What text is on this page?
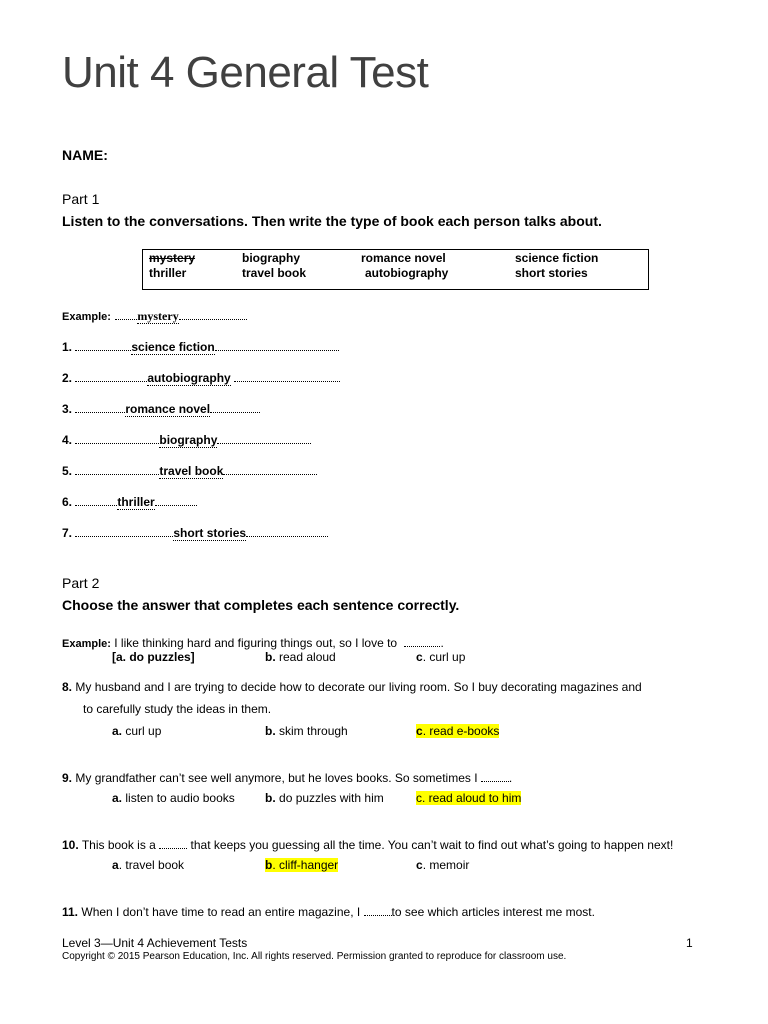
Unit 4 General Test
NAME:
Part 1
Listen to the conversations. Then write the type of book each person talks about.
mystery	biography	romance novel	science fiction
thriller	travel book	autobiography	short stories
Example: mystery
1.	science fiction
2.	autobiography
3.	romance novel
4.	biography
5.	travel book
6.	thriller
7.	short stories
Part 2
Choose the answer that completes each sentence correctly.
Example: I like thinking hard and figuring things out, so I love to	.
[a. do puzzles]	b. read aloud	c. curl up
8. My husband and I are trying to decide how to decorate our living room. So I buy decorating magazines and
to carefully study the ideas in them.
a. curl up	b. skim through	c. read e-books
9. My grandfather can’t see well anymore, but he loves books. So sometimes I	.
a. listen to audio books	b. do puzzles with him	c. read aloud to him
10. This book is a	that keeps you guessing all the time. You can’t wait to find out what’s going to happen next!
a. travel book	b. cliff-hanger	c. memoir
11. When I don’t have time to read an entire magazine, I	to see which articles interest me most.
Level 3—Unit 4 Achievement Tests	1
Copyright © 2015 Pearson Education, Inc. All rights reserved. Permission granted to reproduce for classroom use.
